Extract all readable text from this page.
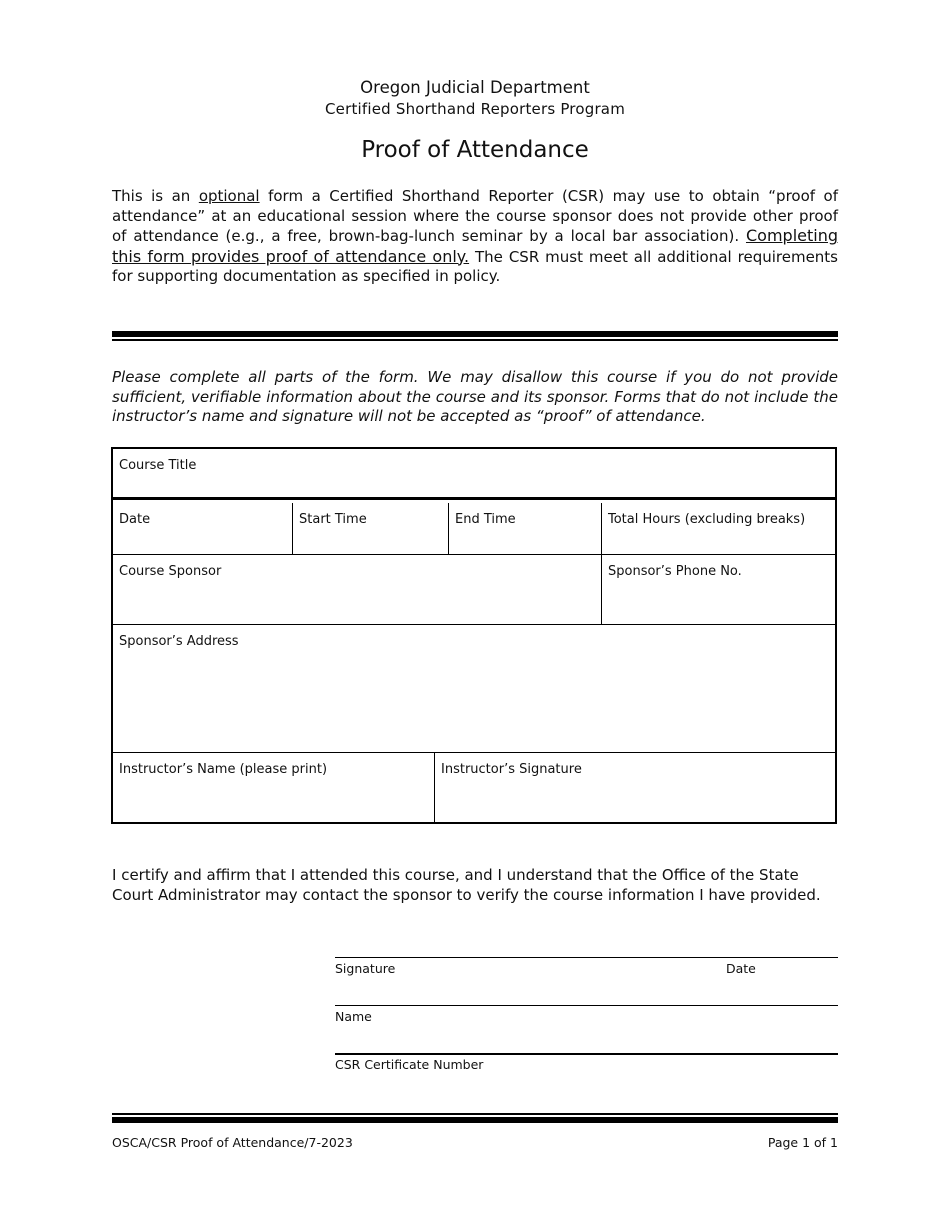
Oregon Judicial Department
Certified Shorthand Reporters Program
Proof of Attendance
This is an optional form a Certified Shorthand Reporter (CSR) may use to obtain “proof of attendance” at an educational session where the course sponsor does not provide other proof of attendance (e.g., a free, brown-bag-lunch seminar by a local bar association). Completing this form provides proof of attendance only. The CSR must meet all additional requirements for supporting documentation as specified in policy.
Please complete all parts of the form. We may disallow this course if you do not provide sufficient, verifiable information about the course and its sponsor. Forms that do not include the instructor’s name and signature will not be accepted as “proof” of attendance.
Course Title
Date	Start Time	End Time	Total Hours (excluding breaks)
Course Sponsor	Sponsor’s Phone No.
Sponsor’s Address
Instructor’s Name (please print)	Instructor’s Signature
I certify and affirm that I attended this course, and I understand that the Office of the State Court Administrator may contact the sponsor to verify the course information I have provided.
Signature	Date
Name
CSR Certificate Number
OSCA/CSR Proof of Attendance/7-2023	Page 1 of 1
